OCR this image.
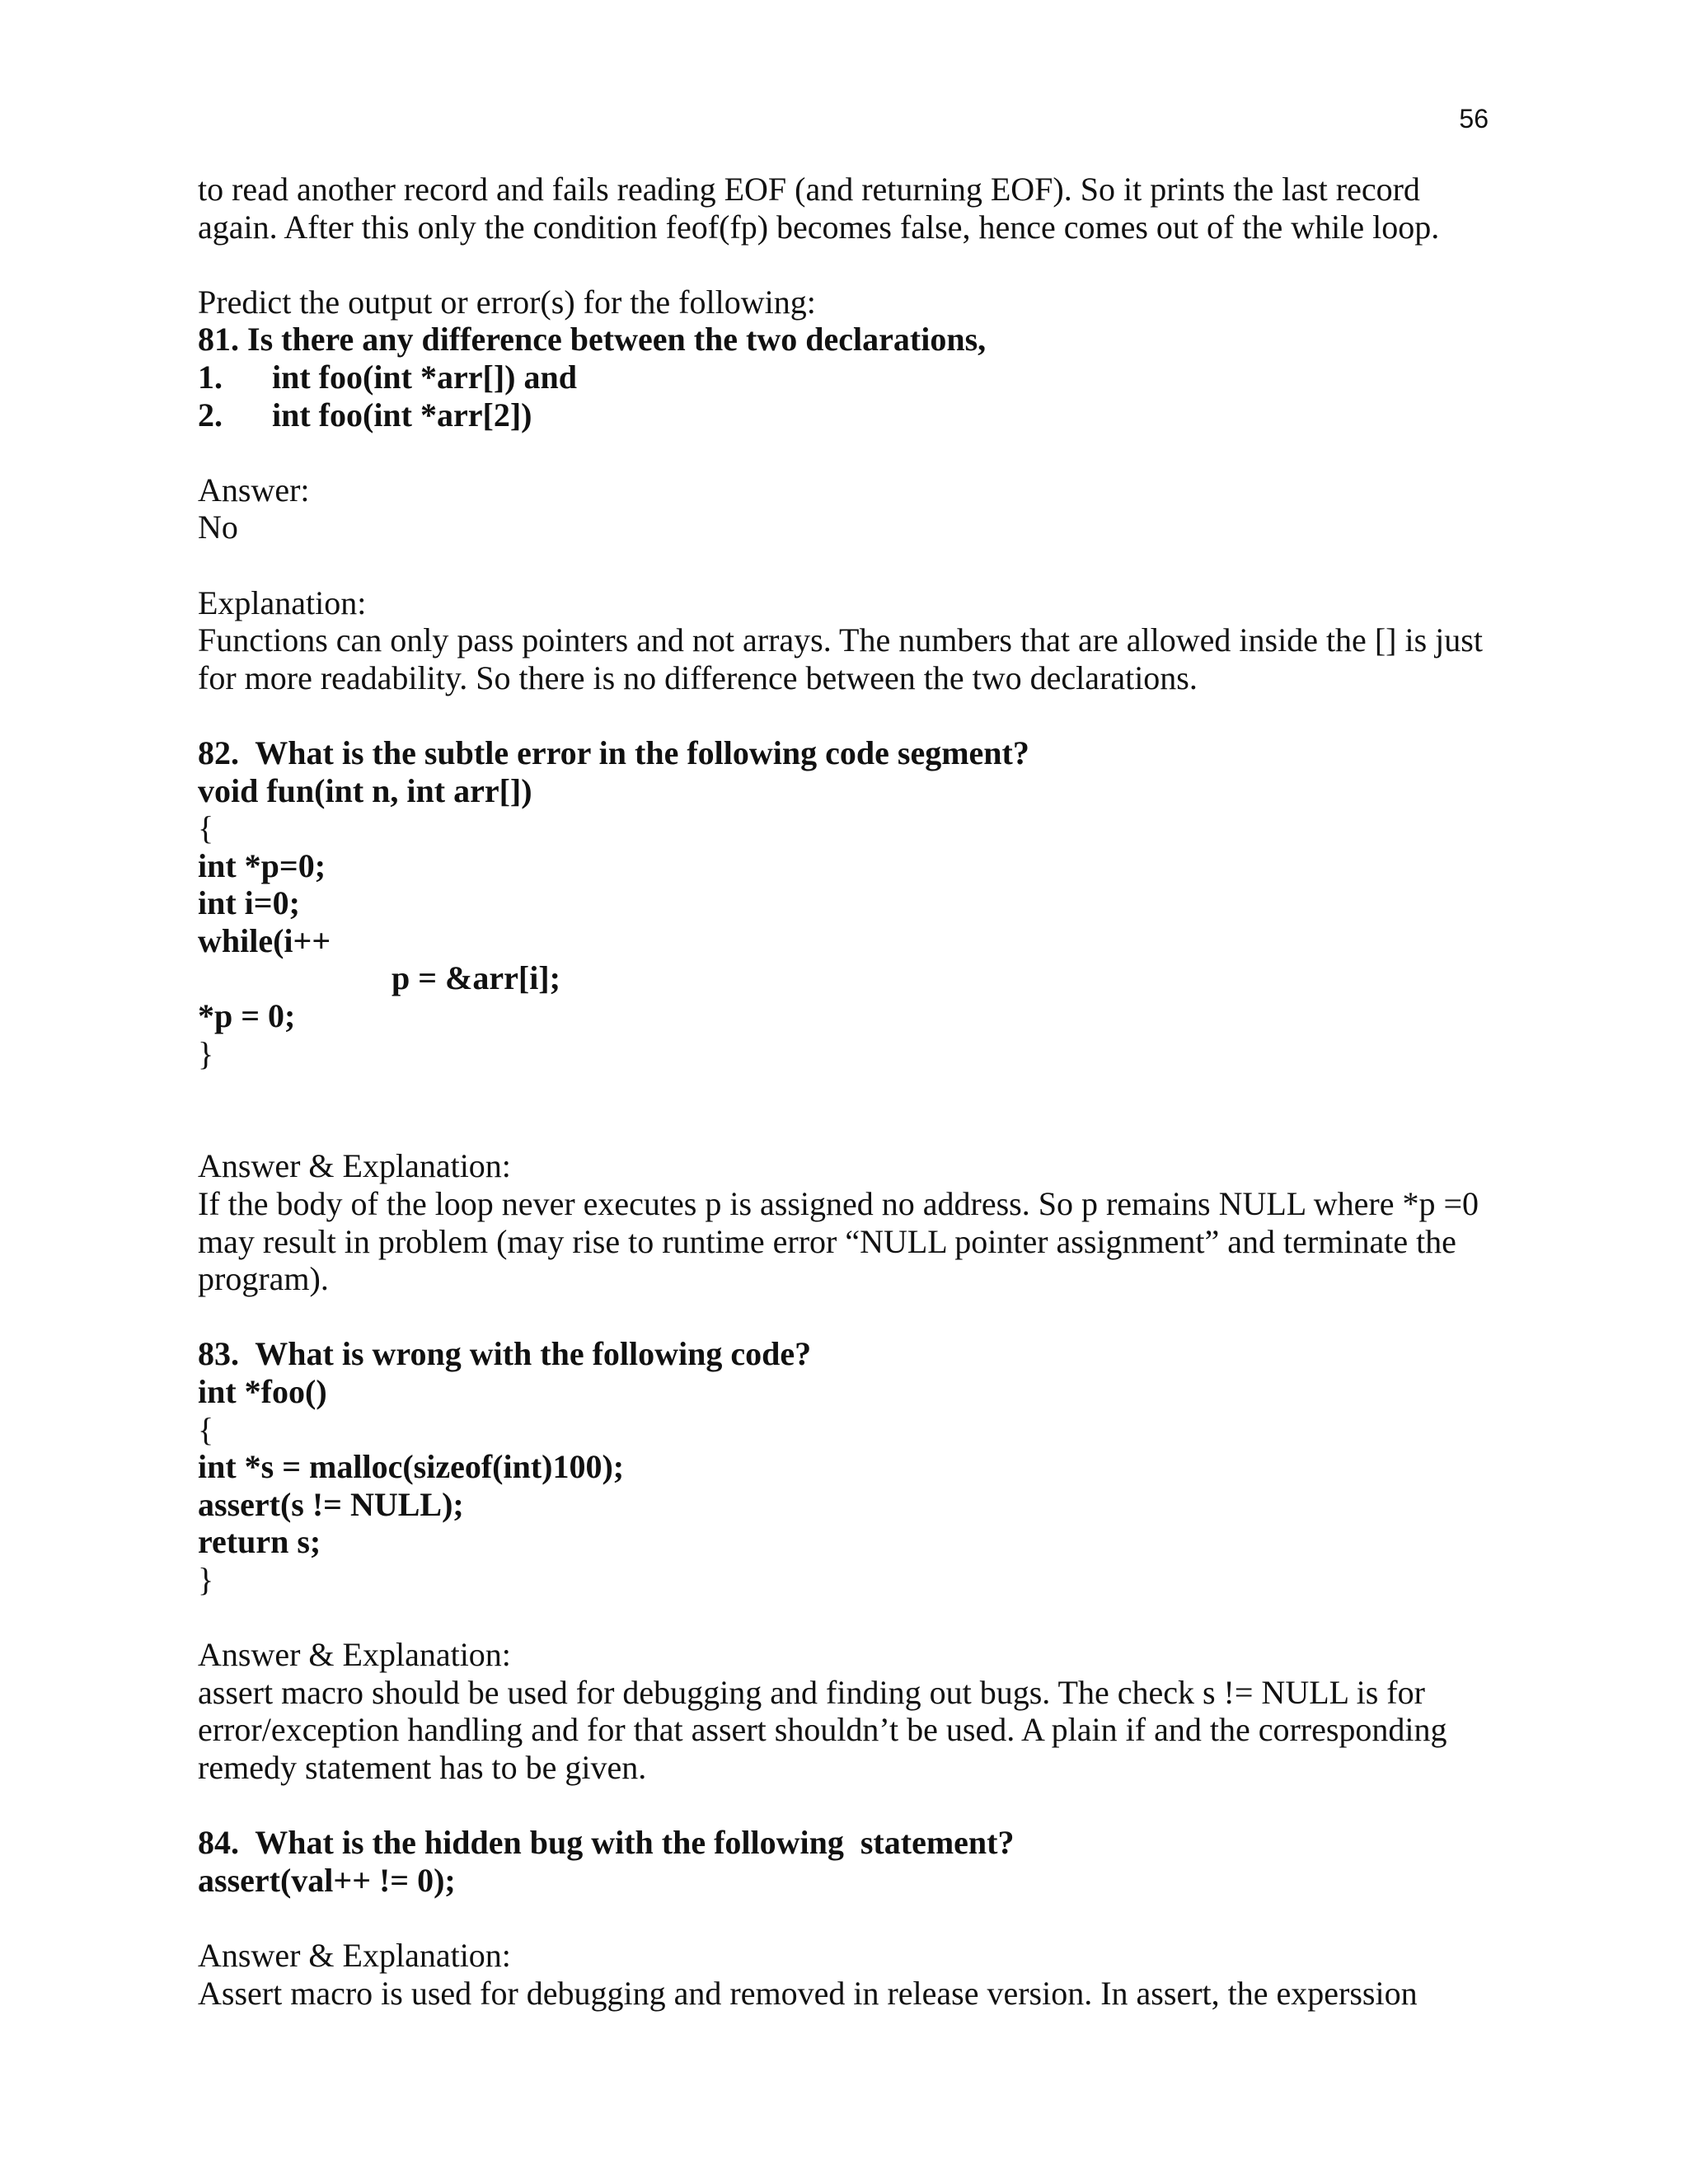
56
to read another record and fails reading EOF (and returning EOF). So it prints the last record
again. After this only the condition feof(fp) becomes false, hence comes out of the while loop.
Predict the output or error(s) for the following:
81. Is there any difference between the two declarations,
1. int foo(int *arr[]) and
2. int foo(int *arr[2])
Answer:
No
Explanation:
Functions can only pass pointers and not arrays. The numbers that are allowed inside the [] is just
for more readability. So there is no difference between the two declarations.
82.  What is the subtle error in the following code segment?
void fun(int n, int arr[])
{
int *p=0;
int i=0;
while(i++
p = &arr[i];
*p = 0;
}
Answer & Explanation:
If the body of the loop never executes p is assigned no address. So p remains NULL where *p =0
may result in problem (may rise to runtime error “NULL pointer assignment” and terminate the
program).
83.  What is wrong with the following code?
int *foo()
{
int *s = malloc(sizeof(int)100);
assert(s != NULL);
return s;
}
Answer & Explanation:
assert macro should be used for debugging and finding out bugs. The check s != NULL is for
error/exception handling and for that assert shouldn’t be used. A plain if and the corresponding
remedy statement has to be given.
84.  What is the hidden bug with the following  statement?
assert(val++ != 0);
Answer & Explanation:
Assert macro is used for debugging and removed in release version. In assert, the experssion
